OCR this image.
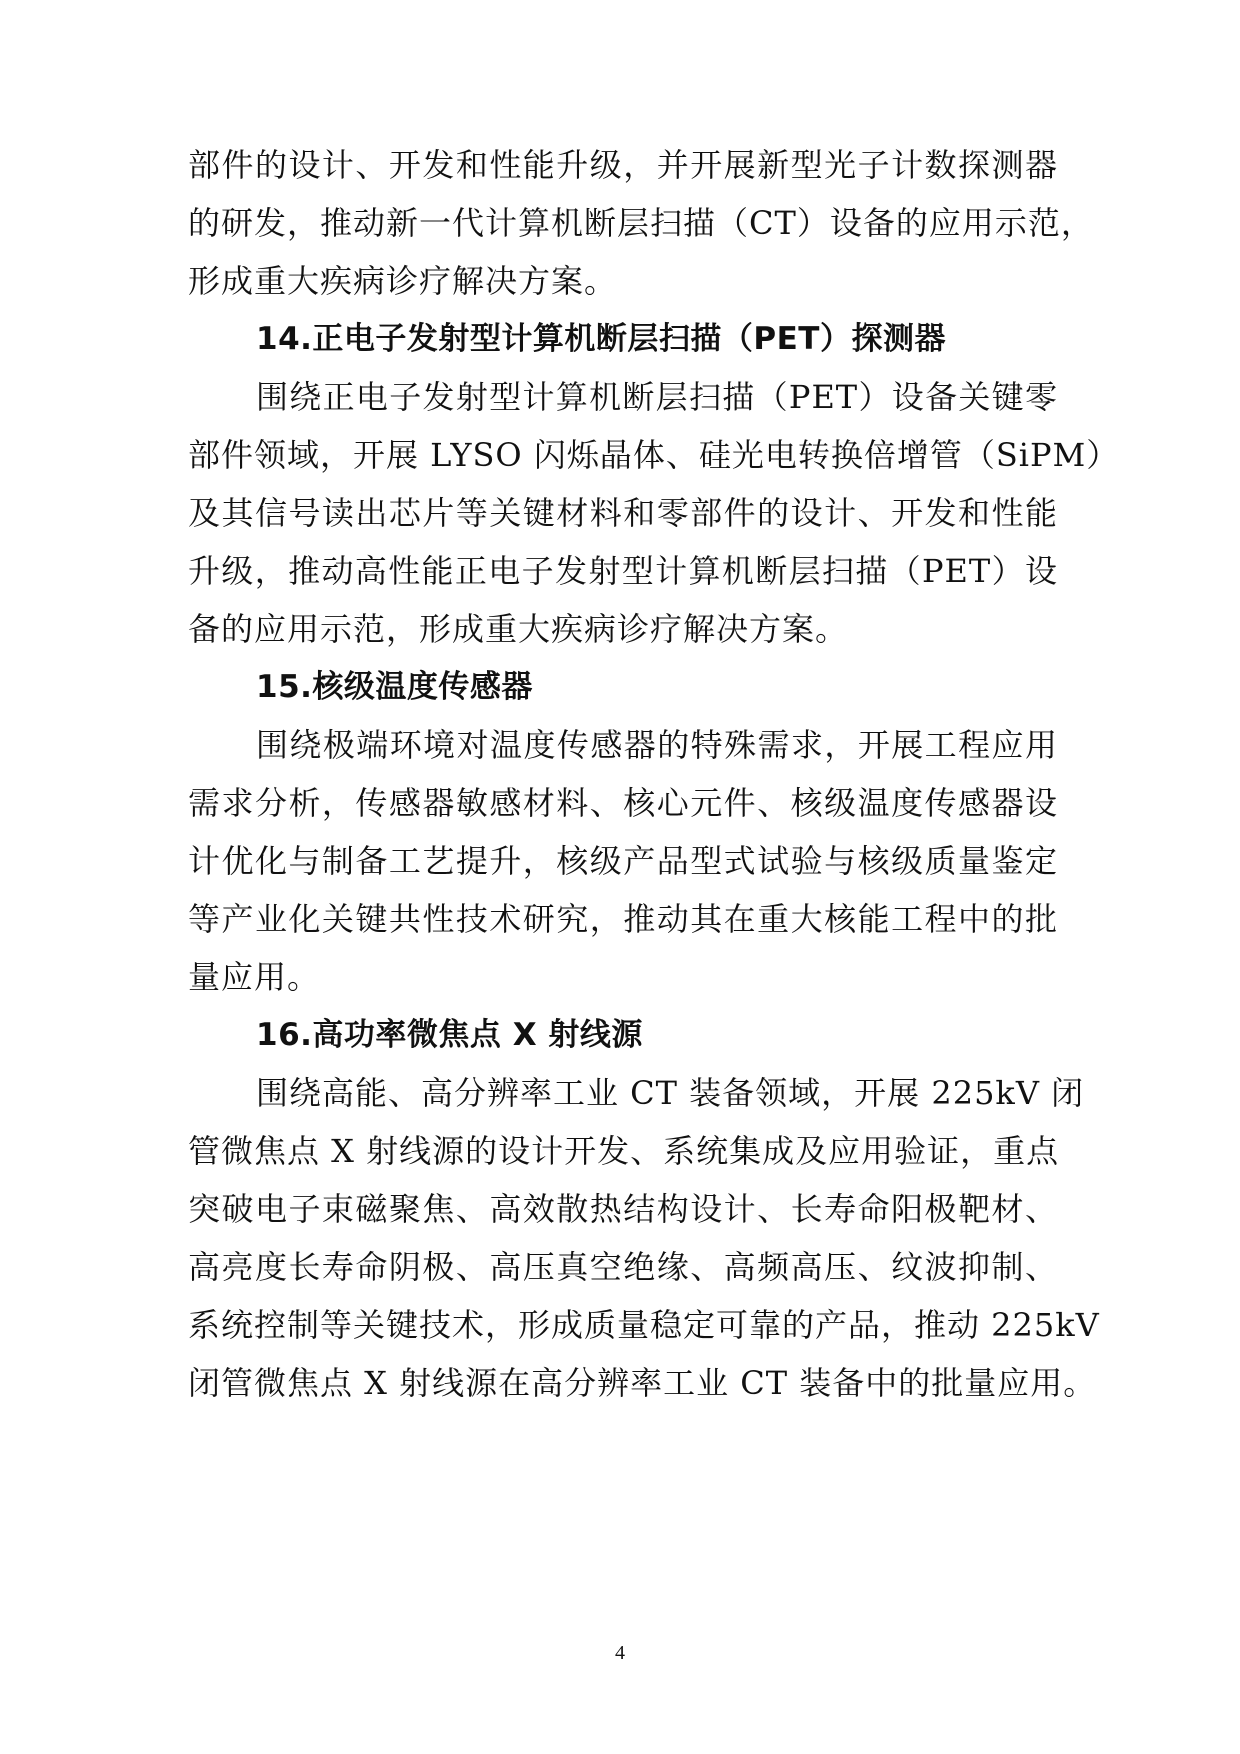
部件的设计、开发和性能升级，并开展新型光子计数探测器
的研发，推动新一代计算机断层扫描（CT）设备的应用示范，
形成重大疾病诊疗解决方案。
14.正电子发射型计算机断层扫描（PET）探测器
围绕正电子发射型计算机断层扫描（PET）设备关键零
部件领域，开展 LYSO 闪烁晶体、硅光电转换倍增管（SiPM）
及其信号读出芯片等关键材料和零部件的设计、开发和性能
升级，推动高性能正电子发射型计算机断层扫描（PET）设
备的应用示范，形成重大疾病诊疗解决方案。
15.核级温度传感器
围绕极端环境对温度传感器的特殊需求，开展工程应用
需求分析，传感器敏感材料、核心元件、核级温度传感器设
计优化与制备工艺提升，核级产品型式试验与核级质量鉴定
等产业化关键共性技术研究，推动其在重大核能工程中的批
量应用。
16.高功率微焦点 X 射线源
围绕高能、高分辨率工业 CT 装备领域，开展 225kV 闭
管微焦点 X 射线源的设计开发、系统集成及应用验证，重点
突破电子束磁聚焦、高效散热结构设计、长寿命阳极靶材、
高亮度长寿命阴极、高压真空绝缘、高频高压、纹波抑制、
系统控制等关键技术，形成质量稳定可靠的产品，推动 225kV
闭管微焦点 X 射线源在高分辨率工业 CT 装备中的批量应用。
4
